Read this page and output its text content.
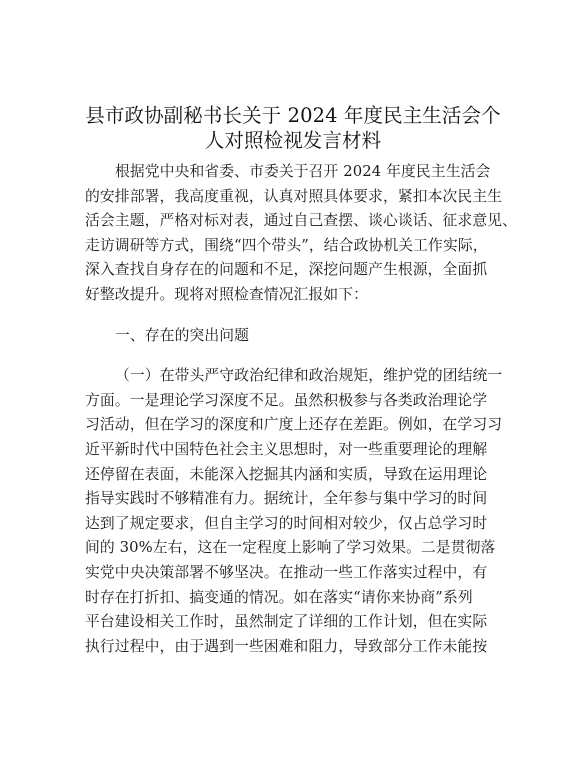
县市政协副秘书长关于 2024 年度民主生活会个
人对照检视发言材料
根据党中央和省委、市委关于召开 2024 年度民主生活会
的安排部署，我高度重视，认真对照具体要求，紧扣本次民主生
活会主题，严格对标对表，通过自己查摆、谈心谈话、征求意见、
走访调研等方式，围绕“四个带头”，结合政协机关工作实际，
深入查找自身存在的问题和不足，深挖问题产生根源，全面抓
好整改提升。现将对照检查情况汇报如下：
一、存在的突出问题
（一）在带头严守政治纪律和政治规矩，维护党的团结统一
方面。一是理论学习深度不足。虽然积极参与各类政治理论学
习活动，但在学习的深度和广度上还存在差距。例如，在学习习
近平新时代中国特色社会主义思想时，对一些重要理论的理解
还停留在表面，未能深入挖掘其内涵和实质，导致在运用理论
指导实践时不够精准有力。据统计，全年参与集中学习的时间
达到了规定要求，但自主学习的时间相对较少，仅占总学习时
间的 30%左右，这在一定程度上影响了学习效果。二是贯彻落
实党中央决策部署不够坚决。在推动一些工作落实过程中，有
时存在打折扣、搞变通的情况。如在落实“请你来协商”系列
平台建设相关工作时，虽然制定了详细的工作计划，但在实际
执行过程中，由于遇到一些困难和阻力，导致部分工作未能按
